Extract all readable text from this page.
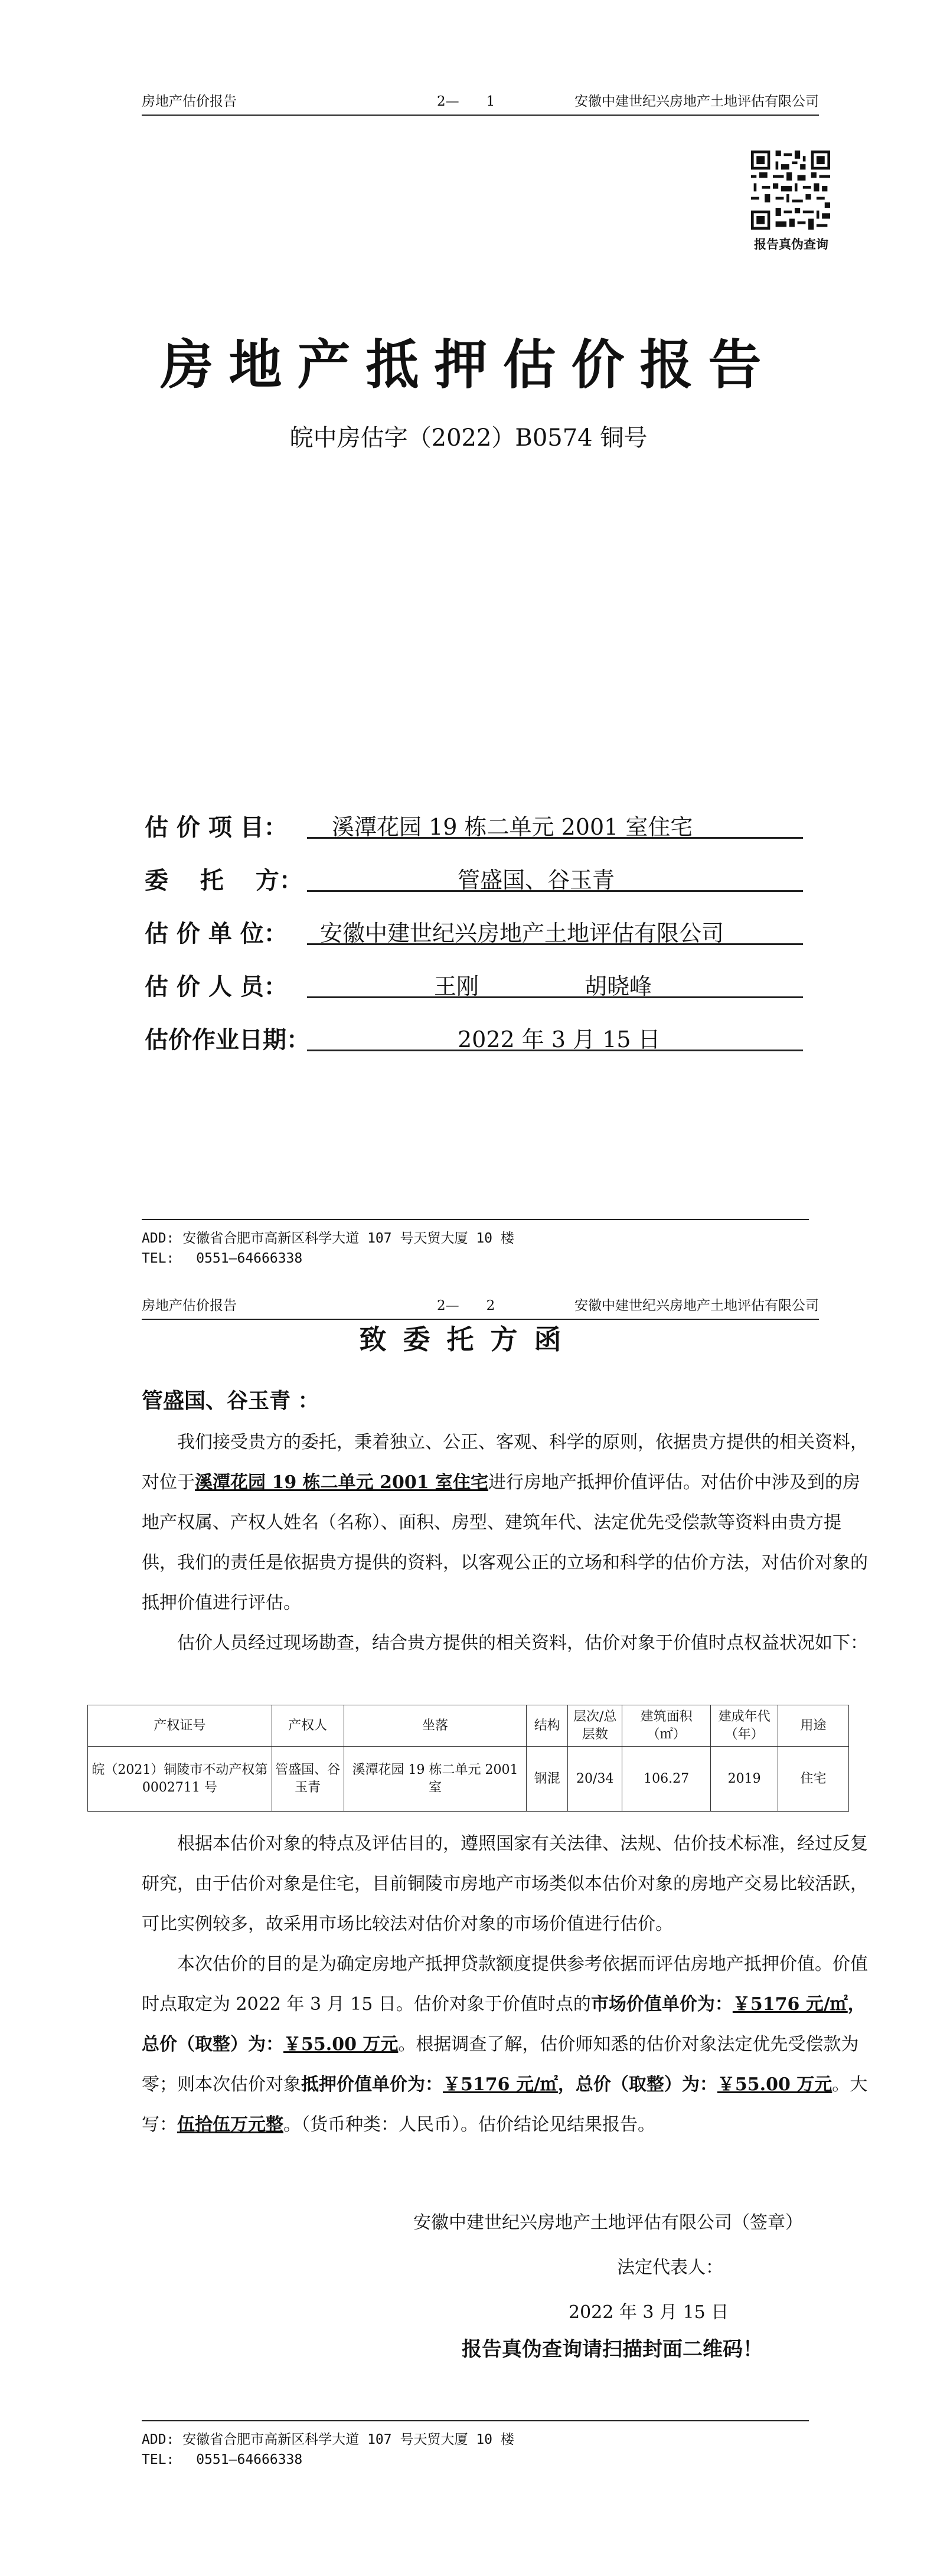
房地产估价报告	2—　　1	安徽中建世纪兴房地产土地评估有限公司
报告真伪查询
房地产抵押估价报告
皖中房估字（2022）B0574 铜号
估 价 项 目： 溪潭花园 19 栋二单元 2001 室住宅
委　 托　 方：	管盛国、谷玉青
估 价 单 位： 安徽中建世纪兴房地产土地评估有限公司
估 价 人 员：	王刚	胡晓峰
估价作业日期：	2022 年 3 月 15 日
ADD: 安徽省合肥市高新区科学大道 107 号天贸大厦 10 楼
TEL:　 0551—64666338
房地产估价报告	2—　　2	安徽中建世纪兴房地产土地评估有限公司
致委托方函
管盛国、谷玉青 ：
我们接受贵方的委托，秉着独立、公正、客观、科学的原则，依据贵方提供的相关资料，对位于溪潭花园 19 栋二单元 2001 室住宅进行房地产抵押价值评估。对估价中涉及到的房地产权属、产权人姓名（名称）、面积、房型、建筑年代、法定优先受偿款等资料由贵方提供，我们的责任是依据贵方提供的资料，以客观公正的立场和科学的估价方法，对估价对象的抵押价值进行评估。
估价人员经过现场勘查，结合贵方提供的相关资料，估价对象于价值时点权益状况如下：
产权证号	产权人	坐落	结构	层次/总层数	建筑面积（㎡）	建成年代（年）	用途
皖（2021）铜陵市不动产权第 0002711 号	管盛国、谷玉青	溪潭花园 19 栋二单元 2001 室	钢混	20/34	106.27	2019	住宅
根据本估价对象的特点及评估目的，遵照国家有关法律、法规、估价技术标准，经过反复研究，由于估价对象是住宅，目前铜陵市房地产市场类似本估价对象的房地产交易比较活跃，可比实例较多，故采用市场比较法对估价对象的市场价值进行估价。
本次估价的目的是为确定房地产抵押贷款额度提供参考依据而评估房地产抵押价值。价值时点取定为 2022 年 3 月 15 日。估价对象于价值时点的市场价值单价为：￥5176 元/㎡，总价（取整）为：￥55.00 万元。根据调查了解，估价师知悉的估价对象法定优先受偿款为零；则本次估价对象抵押价值单价为：￥5176 元/㎡，总价（取整）为：￥55.00 万元。大写：伍拾伍万元整。（货币种类：人民币）。估价结论见结果报告。
安徽中建世纪兴房地产土地评估有限公司（签章）
法定代表人：
2022 年 3 月 15 日
报告真伪查询请扫描封面二维码！
ADD: 安徽省合肥市高新区科学大道 107 号天贸大厦 10 楼
TEL:　 0551—64666338
